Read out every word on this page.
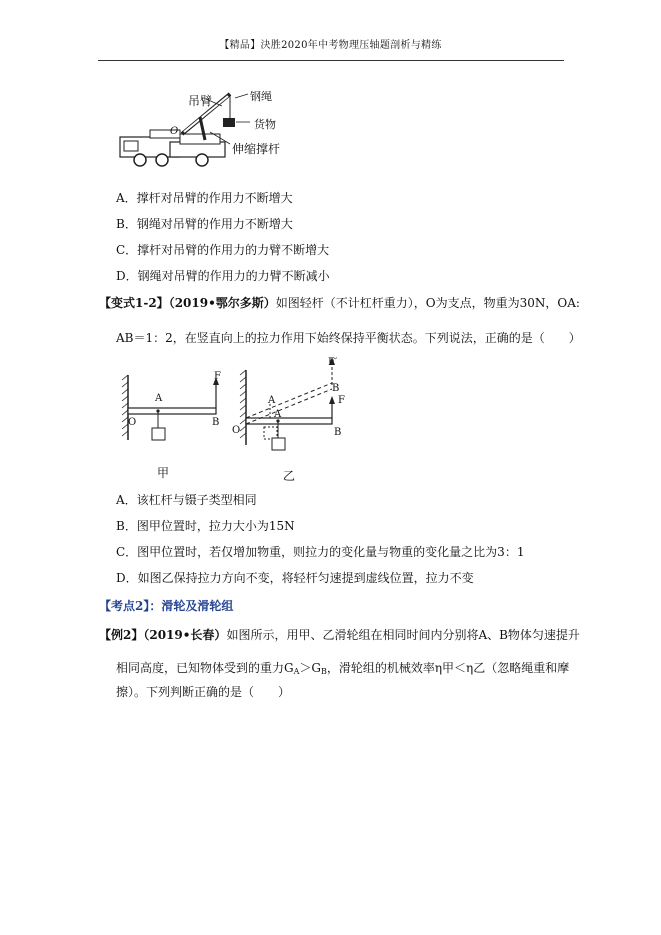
【精品】決胜2020年中考物理压轴题剖析与精练
吊臂	钢绳
货物
伸缩撑杆
O
A．撑杆对吊臂的作用力不断增大
B．钢绳对吊臂的作用力不断增大
C．撑杆对吊臂的作用力的力臂不断增大
D．钢绳对吊臂的作用力的力臂不断减小
【变式1-2】（2019•鄂尔多斯）如图轻杆（不计杠杆重力），O为支点，物重为30N，OA:
AB＝1：2，在竖直向上的拉力作用下始终保持平衡状态。下列说法，正确的是（　　）
O
A
B
F
甲
O
A
A
B
B
F′
F
乙
A．该杠杆与镊子类型相同
B．图甲位置时，拉力大小为15N
C．图甲位置时，若仅增加物重，则拉力的变化量与物重的变化量之比为3：1
D．如图乙保持拉力方向不变，将轻杆匀速提到虚线位置，拉力不变
【考点2】：滑轮及滑轮组
【例2】（2019•长春）如图所示，用甲、乙滑轮组在相同时间内分别将A、B物体匀速提升
相同高度，已知物体受到的重力$G_A>G_B$，滑轮组的机械效率η甲＜η乙（忽略绳重和摩
擦）。下列判断正确的是（　　）
